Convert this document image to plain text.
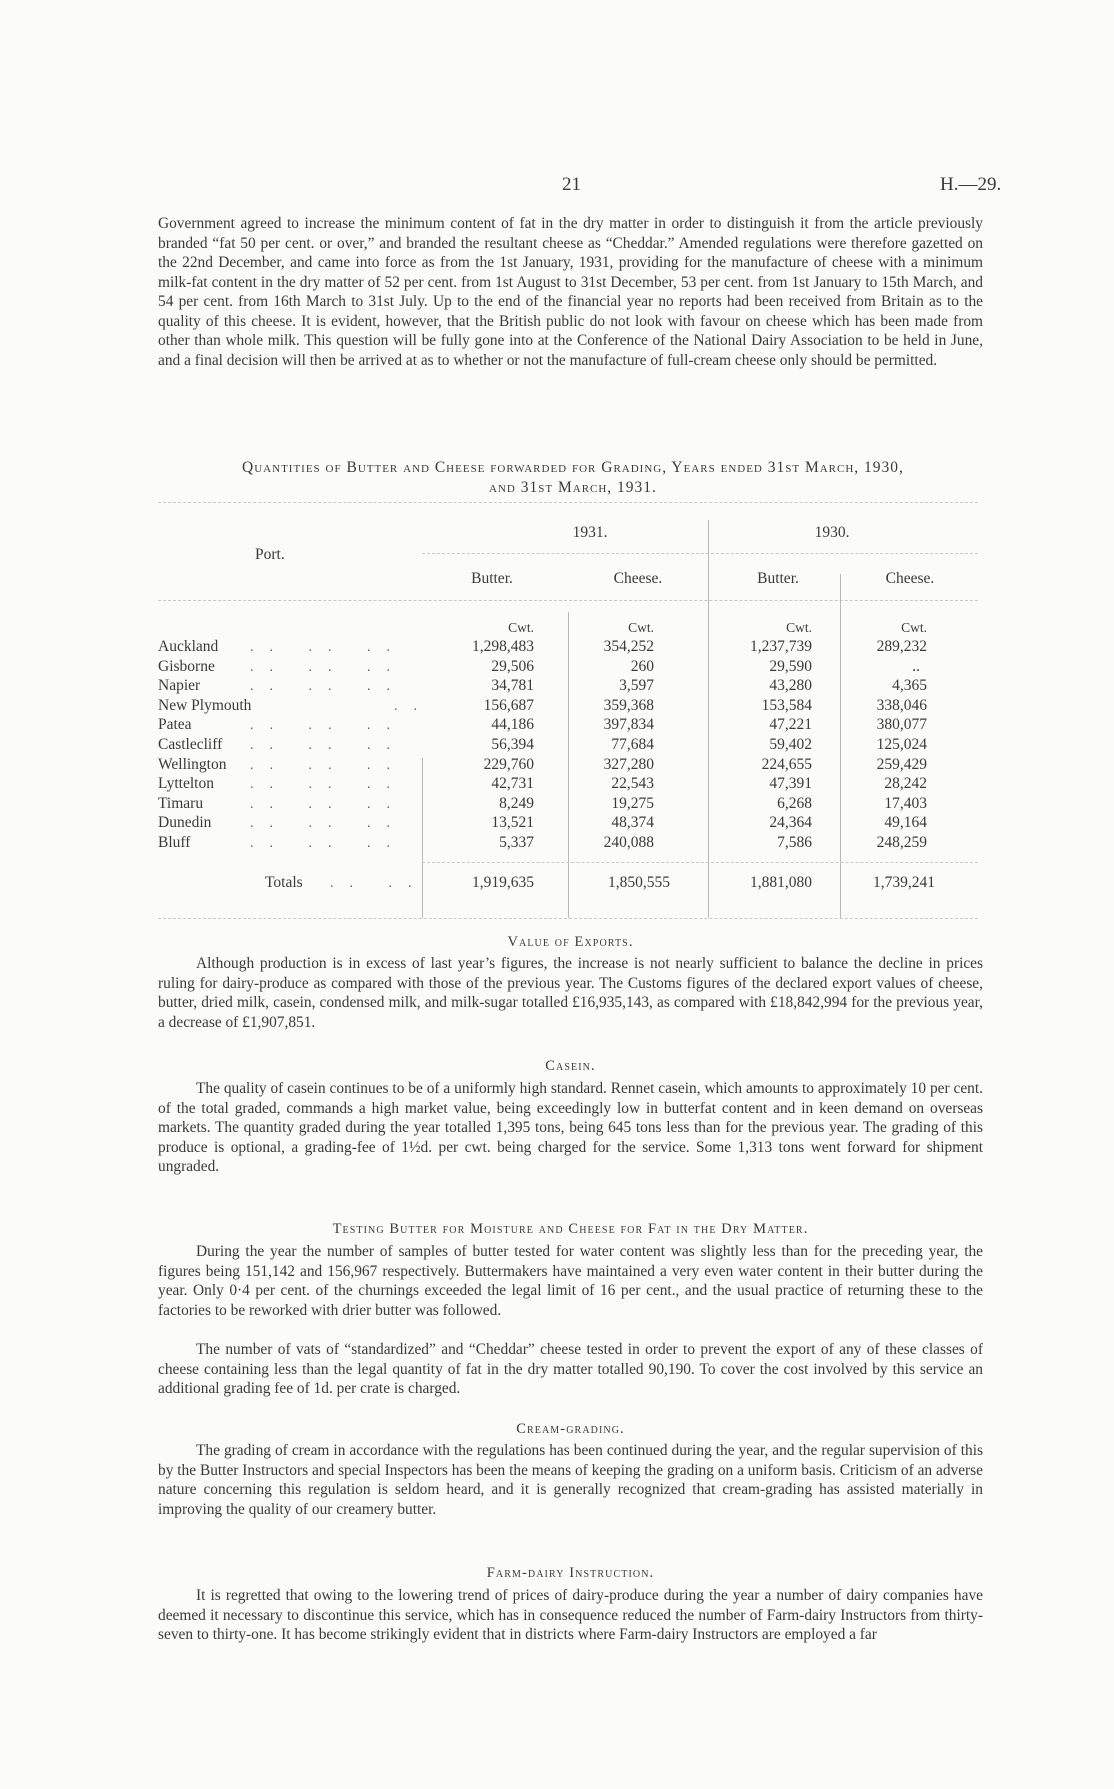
21	H.—29.

Government agreed to increase the minimum content of fat in the dry matter in order to distinguish it from the article previously branded “fat 50 per cent. or over,” and branded the resultant cheese as “Cheddar.” Amended regulations were therefore gazetted on the 22nd December, and came into force as from the 1st January, 1931, providing for the manufacture of cheese with a minimum milk-fat content in the dry matter of 52 per cent. from 1st August to 31st December, 53 per cent. from 1st January to 15th March, and 54 per cent. from 16th March to 31st July. Up to the end of the financial year no reports had been received from Britain as to the quality of this cheese. It is evident, however, that the British public do not look with favour on cheese which has been made from other than whole milk. This question will be fully gone into at the Conference of the National Dairy Association to be held in June, and a final decision will then be arrived at as to whether or not the manufacture of full-cream cheese only should be permitted.

Quantities of Butter and Cheese forwarded for Grading, Years ended 31st March, 1930,

and 31st March, 1931.

Port.
1931.	1930.
Butter.	Cheese.	Butter.	Cheese.
Cwt.	Cwt.	Cwt.	Cwt.
Auckland	1,298,483	354,252	1,237,739	289,232
Gisborne	29,506	260	29,590	..
Napier	34,781	3,597	43,280	4,365
New Plymouth	156,687	359,368	153,584	338,046
Patea	44,186	397,834	47,221	380,077
Castlecliff	56,394	77,684	59,402	125,024
Wellington	229,760	327,280	224,655	259,429
Lyttelton	42,731	22,543	47,391	28,242
Timaru	8,249	19,275	6,268	17,403
Dunedin	13,521	48,374	24,364	49,164
Bluff	5,337	240,088	7,586	248,259
.. .. ..
.. .. ..
.. .. ..
..
.. .. ..
.. .. ..
.. .. ..
.. .. ..
.. .. ..
.. .. ..
.. .. ..
Totals .. ..	1,919,635	1,850,555	1,881,080	1,739,241

Value of Exports.

Although production is in excess of last year’s figures, the increase is not nearly sufficient to balance the decline in prices ruling for dairy-produce as compared with those of the previous year. The Customs figures of the declared export values of cheese, butter, dried milk, casein, condensed milk, and milk-sugar totalled £16,935,143, as compared with £18,842,994 for the previous year, a decrease of £1,907,851.

Casein.

The quality of casein continues to be of a uniformly high standard. Rennet casein, which amounts to approximately 10 per cent. of the total graded, commands a high market value, being exceedingly low in butterfat content and in keen demand on overseas markets. The quantity graded during the year totalled 1,395 tons, being 645 tons less than for the previous year. The grading of this produce is optional, a grading-fee of 1½d. per cwt. being charged for the service. Some 1,313 tons went forward for shipment ungraded.

Testing Butter for Moisture and Cheese for Fat in the Dry Matter.

During the year the number of samples of butter tested for water content was slightly less than for the preceding year, the figures being 151,142 and 156,967 respectively. Buttermakers have maintained a very even water content in their butter during the year. Only 0·4 per cent. of the churnings exceeded the legal limit of 16 per cent., and the usual practice of returning these to the factories to be reworked with drier butter was followed.

The number of vats of “standardized” and “Cheddar” cheese tested in order to prevent the export of any of these classes of cheese containing less than the legal quantity of fat in the dry matter totalled 90,190. To cover the cost involved by this service an additional grading fee of 1d. per crate is charged.

Cream-grading.

The grading of cream in accordance with the regulations has been continued during the year, and the regular supervision of this by the Butter Instructors and special Inspectors has been the means of keeping the grading on a uniform basis. Criticism of an adverse nature concerning this regulation is seldom heard, and it is generally recognized that cream-grading has assisted materially in improving the quality of our creamery butter.

Farm-dairy Instruction.

It is regretted that owing to the lowering trend of prices of dairy-produce during the year a number of dairy companies have deemed it necessary to discontinue this service, which has in consequence reduced the number of Farm-dairy Instructors from thirty-seven to thirty-one. It has become strikingly evident that in districts where Farm-dairy Instructors are employed a far
